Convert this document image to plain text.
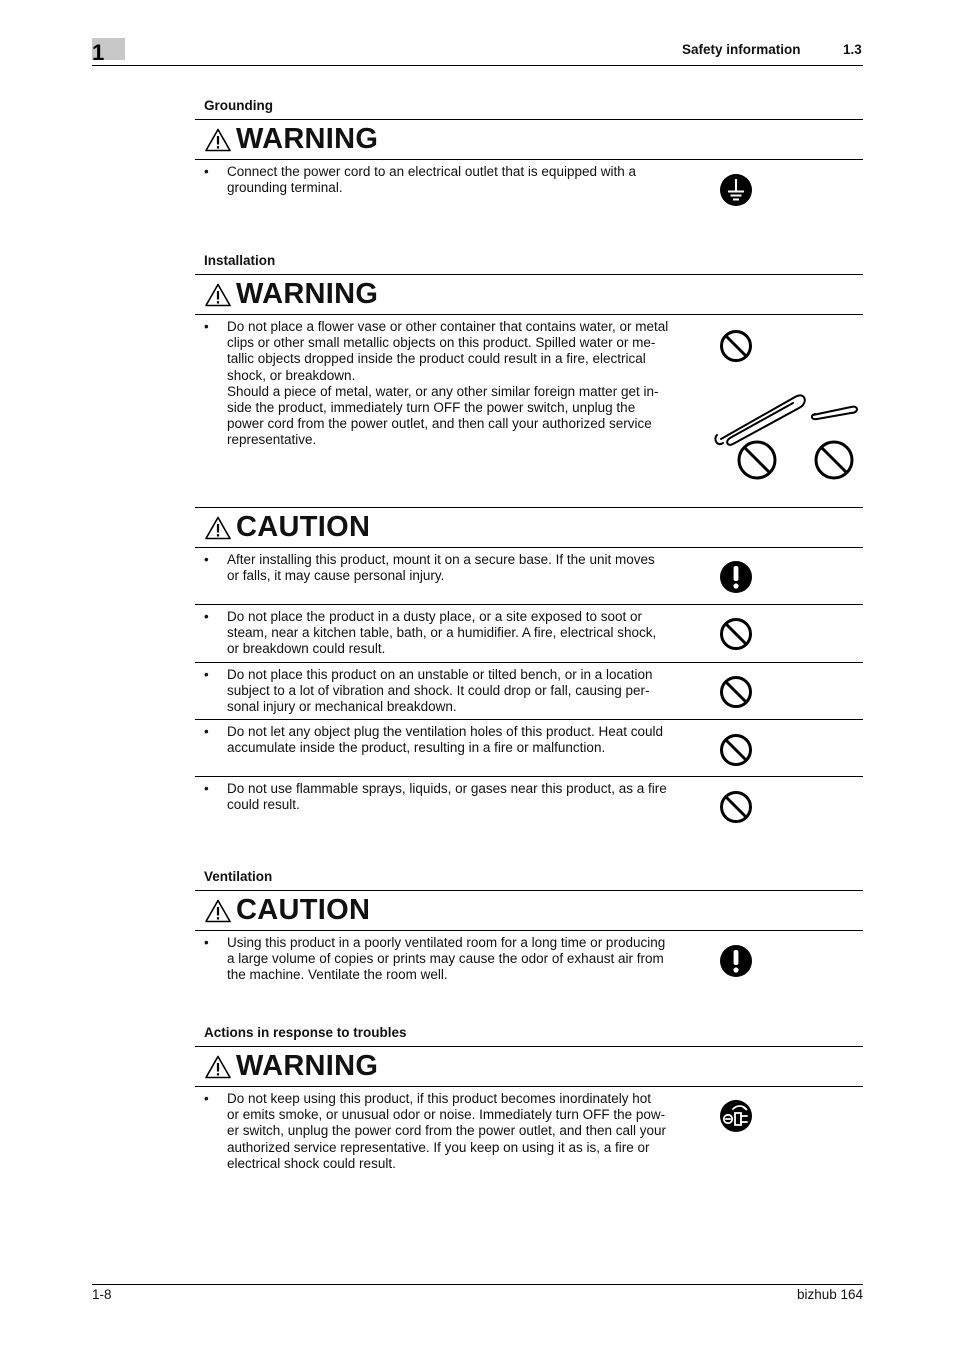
1	Safety information	1.3
Grounding
WARNING
• Connect the power cord to an electrical outlet that is equipped with a

grounding terminal.

Installation
WARNING
• Do not place a flower vase or other container that contains water, or metal

clips or other small metallic objects on this product. Spilled water or me-

tallic objects dropped inside the product could result in a fire, electrical

shock, or breakdown.

Should a piece of metal, water, or any other similar foreign matter get in-

side the product, immediately turn OFF the power switch, unplug the

power cord from the power outlet, and then call your authorized service

representative.

CAUTION
• After installing this product, mount it on a secure base. If the unit moves

or falls, it may cause personal injury.

• Do not place the product in a dusty place, or a site exposed to soot or

steam, near a kitchen table, bath, or a humidifier. A fire, electrical shock,

or breakdown could result.

• Do not place this product on an unstable or tilted bench, or in a location

subject to a lot of vibration and shock. It could drop or fall, causing per-

sonal injury or mechanical breakdown.

• Do not let any object plug the ventilation holes of this product. Heat could

accumulate inside the product, resulting in a fire or malfunction.

• Do not use flammable sprays, liquids, or gases near this product, as a fire

could result.

Ventilation
CAUTION
• Using this product in a poorly ventilated room for a long time or producing

a large volume of copies or prints may cause the odor of exhaust air from

the machine. Ventilate the room well.

Actions in response to troubles
WARNING
• Do not keep using this product, if this product becomes inordinately hot

or emits smoke, or unusual odor or noise. Immediately turn OFF the pow-

er switch, unplug the power cord from the power outlet, and then call your

authorized service representative. If you keep on using it as is, a fire or

electrical shock could result.

1-8	bizhub 164
